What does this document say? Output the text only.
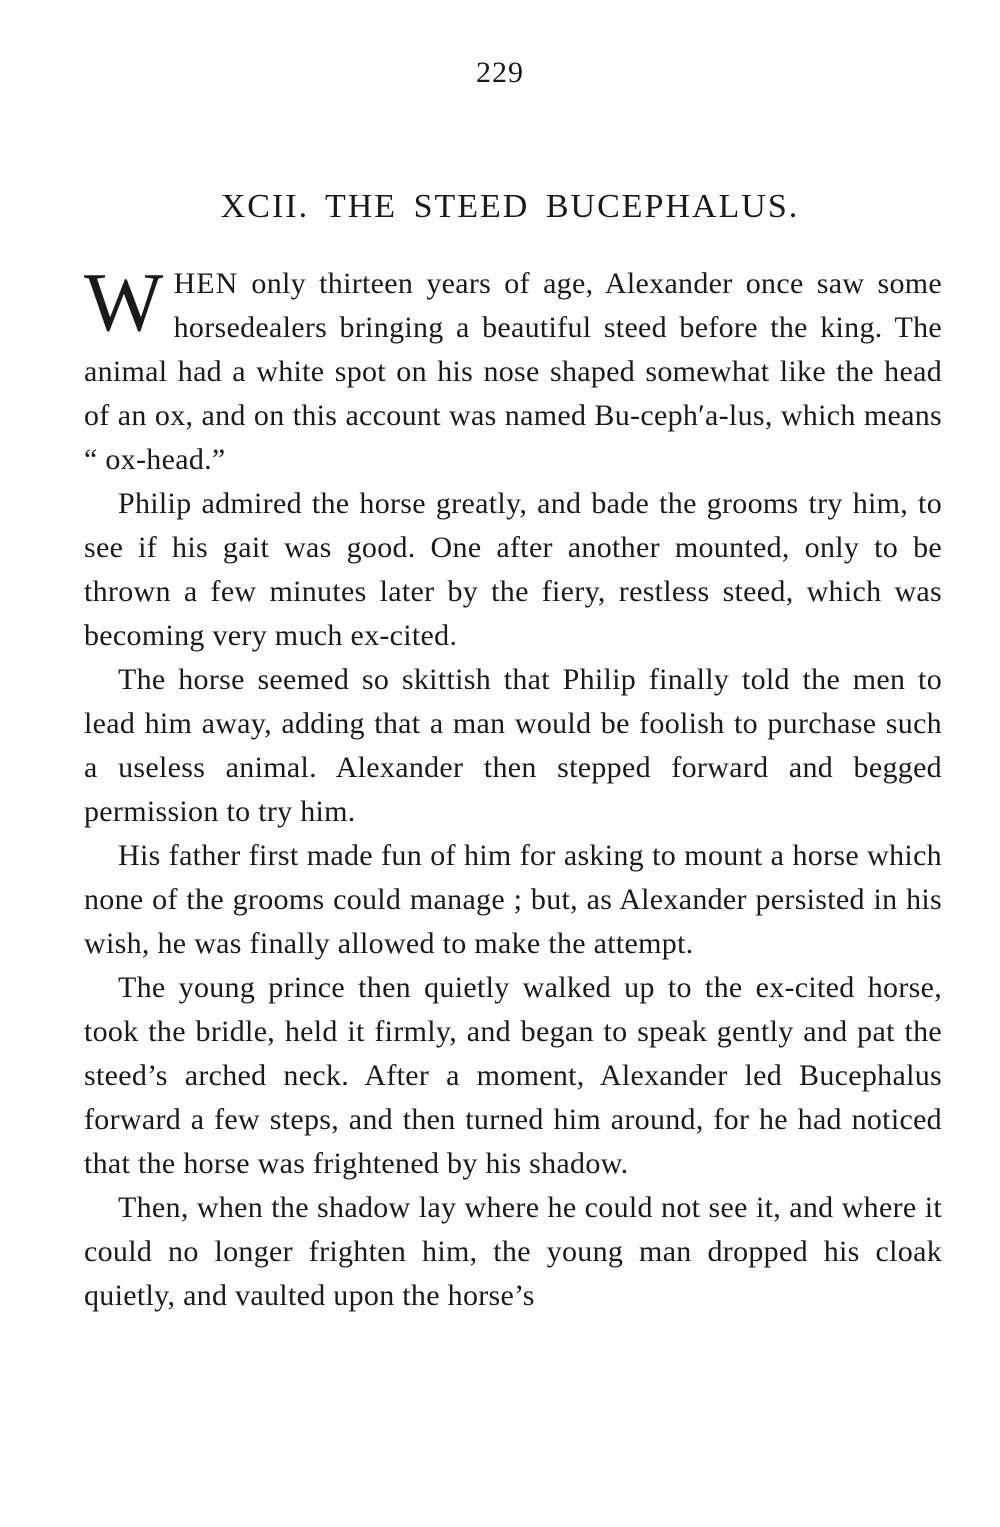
229
XCII. THE STEED BUCEPHALUS.

WHEN only thirteen years of age, Alexander once saw some horsedealers bringing a beautiful steed before the king. The animal had a white spot on his nose shaped somewhat like the head of an ox, and on this account was named Bu-ceph′a-lus, which means “ ox-head.”

Philip admired the horse greatly, and bade the grooms try him, to see if his gait was good. One after another mounted, only to be thrown a few minutes later by the fiery, restless steed, which was becoming very much ex-cited.

The horse seemed so skittish that Philip finally told the men to lead him away, adding that a man would be foolish to purchase such a useless animal. Alexander then stepped forward and begged permission to try him.

His father first made fun of him for asking to mount a horse which none of the grooms could manage ; but, as Alexander persisted in his wish, he was finally allowed to make the attempt.

The young prince then quietly walked up to the ex-cited horse, took the bridle, held it firmly, and began to speak gently and pat the steed’s arched neck. After a moment, Alexander led Bucephalus forward a few steps, and then turned him around, for he had noticed that the horse was frightened by his shadow.

Then, when the shadow lay where he could not see it, and where it could no longer frighten him, the young man dropped his cloak quietly, and vaulted upon the horse’s
